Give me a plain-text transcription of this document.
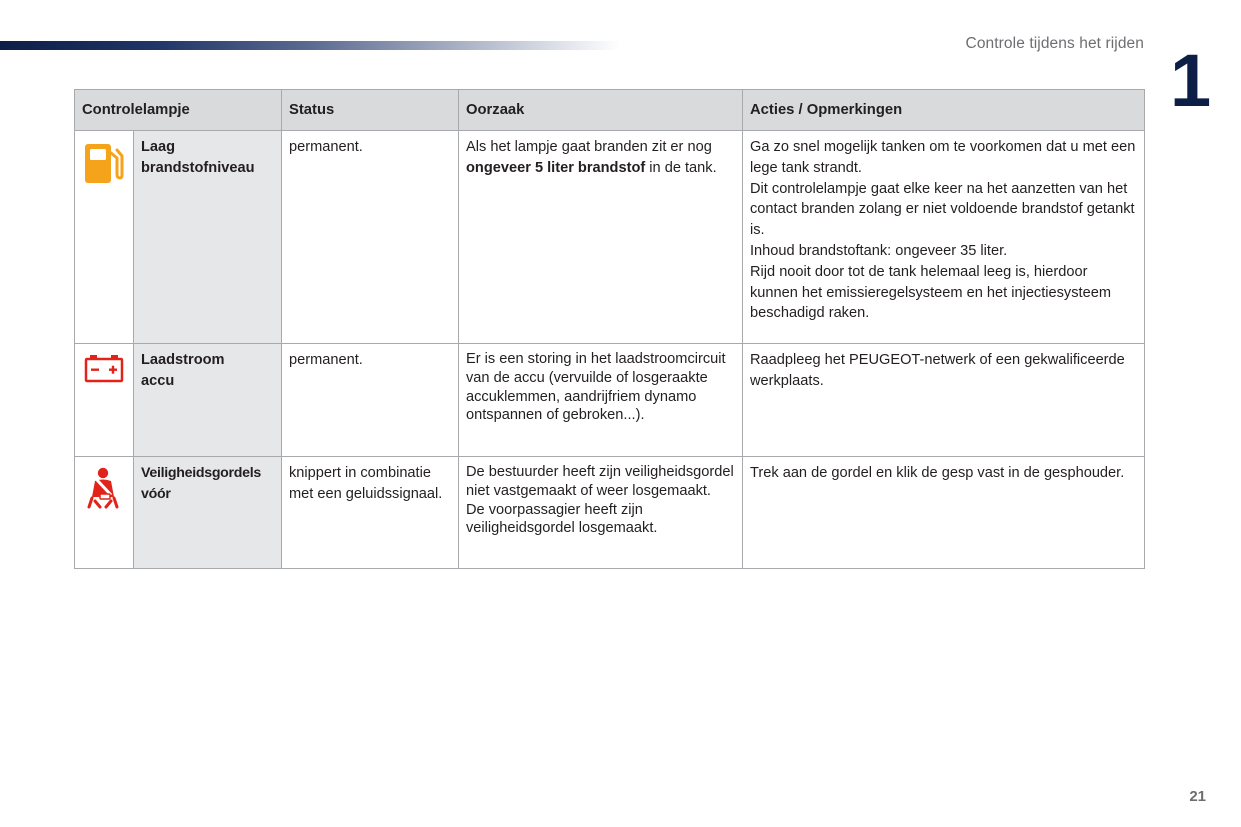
Controle tijdens het rijden 1
Controlelampje		Status	Oorzaak	Acties / Opmerkingen

Laag
brandstofniveau	permanent.	Als het lampje gaat branden zit er nog ongeveer 5 liter brandstof in de tank.	Ga zo snel mogelijk tanken om te voorkomen dat u met een lege tank strandt.
Dit controlelampje gaat elke keer na het aanzetten van het contact branden zolang er niet voldoende brandstof getankt is.
Inhoud brandstoftank: ongeveer 35 liter.
Rijd nooit door tot de tank helemaal leeg is, hierdoor kunnen het emissieregelsysteem en het injectiesysteem beschadigd raken.

Laadstroom
accu	permanent.	Er is een storing in het laadstroomcircuit van de accu (vervuilde of losgeraakte accuklemmen, aandrijfriem dynamo ontspannen of gebroken...).	Raadpleeg het PEUGEOT-netwerk of een gekwalificeerde werkplaats.

Veiligheidsgordels
vóór	knippert in combinatie met een geluidssignaal.	De bestuurder heeft zijn veiligheidsgordel niet vastgemaakt of weer losgemaakt.
De voorpassagier heeft zijn veiligheidsgordel losgemaakt.	Trek aan de gordel en klik de gesp vast in de gesphouder.
21
